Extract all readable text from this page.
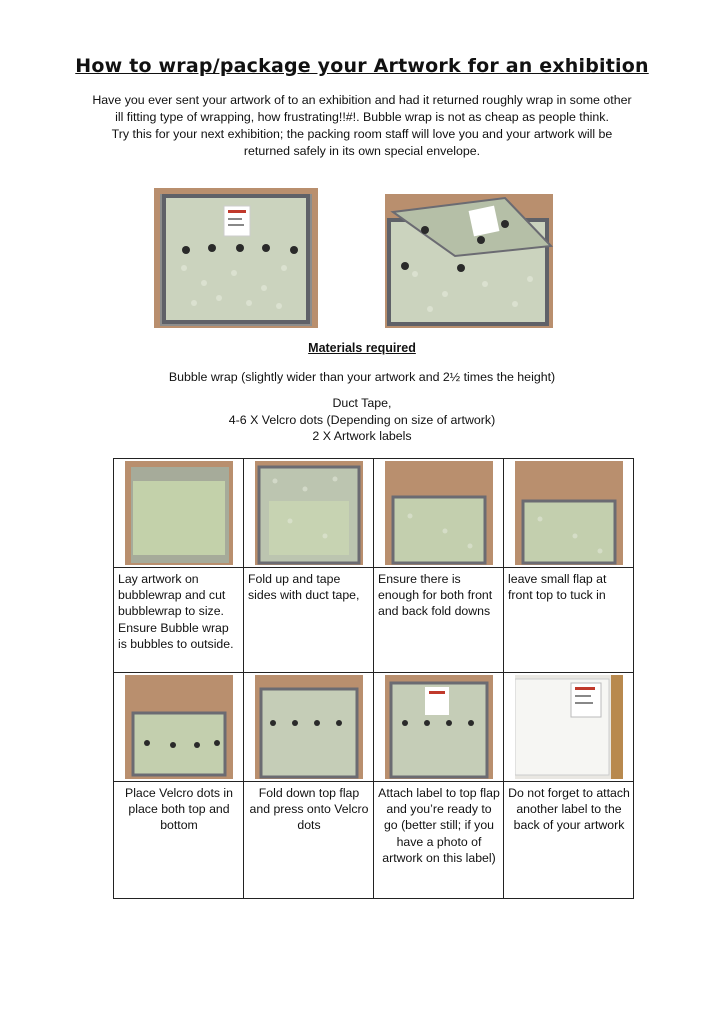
How to wrap/package your Artwork for an exhibition

Have you ever sent your artwork of to an exhibition and had it returned roughly wrap in some other

ill fitting type of wrapping, how frustrating!!#!. Bubble wrap is not as cheap as people think.

Try this for your next exhibition; the packing room staff will love you and your artwork will be

returned safely in its own special envelope.

Materials required
Bubble wrap (slightly wider than your artwork and 2½ times the height)

Duct Tape,

4-6 X Velcro dots (Depending on size of artwork)

2 X Artwork labels

Lay artwork on bubblewrap and cut bubblewrap to size. Ensure Bubble wrap is bubbles to outside.	Fold up and tape sides with duct tape,	Ensure there is enough for both front and back fold downs	leave small flap at front top to tuck in

Place Velcro dots in place both top and bottom	Fold down top flap and press onto Velcro dots	Attach label to top flap and you’re ready to go (better still; if you have a photo of artwork on this label)	Do not forget to attach another label to the back of your artwork
